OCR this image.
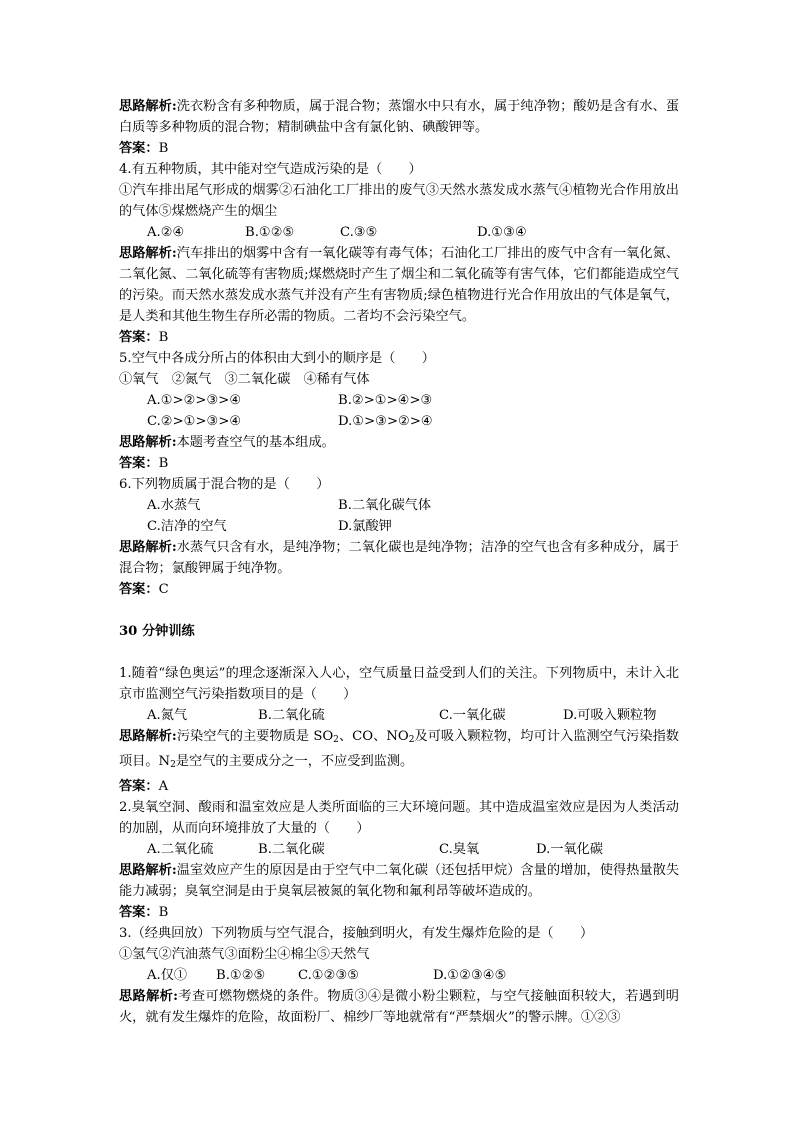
思路解析:洗衣粉含有多种物质，属于混合物；蒸馏水中只有水，属于纯净物；酸奶是含有水、蛋白质等多种物质的混合物；精制碘盐中含有氯化钠、碘酸钾等。
答案：B
4.有五种物质，其中能对空气造成污染的是（　　）
①汽车排出尾气形成的烟雾②石油化工厂排出的废气③天然水蒸发成水蒸气④植物光合作用放出的气体⑤煤燃烧产生的烟尘
A.②④	B.①②⑤	C.③⑤	D.①③④
思路解析:汽车排出的烟雾中含有一氧化碳等有毒气体；石油化工厂排出的废气中含有一氧化氮、二氧化氮、二氧化硫等有害物质;煤燃烧时产生了烟尘和二氧化硫等有害气体，它们都能造成空气的污染。而天然水蒸发成水蒸气并没有产生有害物质;绿色植物进行光合作用放出的气体是氧气，是人类和其他生物生存所必需的物质。二者均不会污染空气。
答案：B
5.空气中各成分所占的体积由大到小的顺序是（　　）
①氧气　②氮气　③二氧化碳　④稀有气体
A.①>②>③>④	B.②>①>④>③
C.②>①>③>④	D.①>③>②>④
思路解析:本题考查空气的基本组成。
答案：B
6.下列物质属于混合物的是（　　）
A.水蒸气	B.二氧化碳气体
C.洁净的空气	D.氯酸钾
思路解析:水蒸气只含有水，是纯净物；二氧化碳也是纯净物；洁净的空气也含有多种成分，属于混合物；氯酸钾属于纯净物。
答案：C
30 分钟训练
1.随着“绿色奥运”的理念逐渐深入人心，空气质量日益受到人们的关注。下列物质中，未计入北京市监测空气污染指数项目的是（　　）
A.氮气	B.二氧化硫	C.一氧化碳	D.可吸入颗粒物
思路解析:污染空气的主要物质是 $SO_2$、CO、$NO_2$及可吸入颗粒物，均可计入监测空气污染指数项目。$N_2$是空气的主要成分之一，不应受到监测。
答案：A
2.臭氧空洞、酸雨和温室效应是人类所面临的三大环境问题。其中造成温室效应是因为人类活动的加剧，从而向环境排放了大量的（　　）
A.二氧化硫	B.二氧化碳	C.臭氧	D.一氧化碳
思路解析:温室效应产生的原因是由于空气中二氧化碳（还包括甲烷）含量的增加，使得热量散失能力减弱；臭氧空洞是由于臭氧层被氮的氧化物和氟利昂等破坏造成的。
答案：B
3.（经典回放）下列物质与空气混合，接触到明火，有发生爆炸危险的是（　　）
①氢气②汽油蒸气③面粉尘④棉尘⑤天然气
A.仅① B.①②⑤ C.①②③⑤	D.①②③④⑤
思路解析:考查可燃物燃烧的条件。物质③④是微小粉尘颗粒，与空气接触面积较大，若遇到明火，就有发生爆炸的危险，故面粉厂、棉纱厂等地就常有“严禁烟火”的警示牌。①②③
